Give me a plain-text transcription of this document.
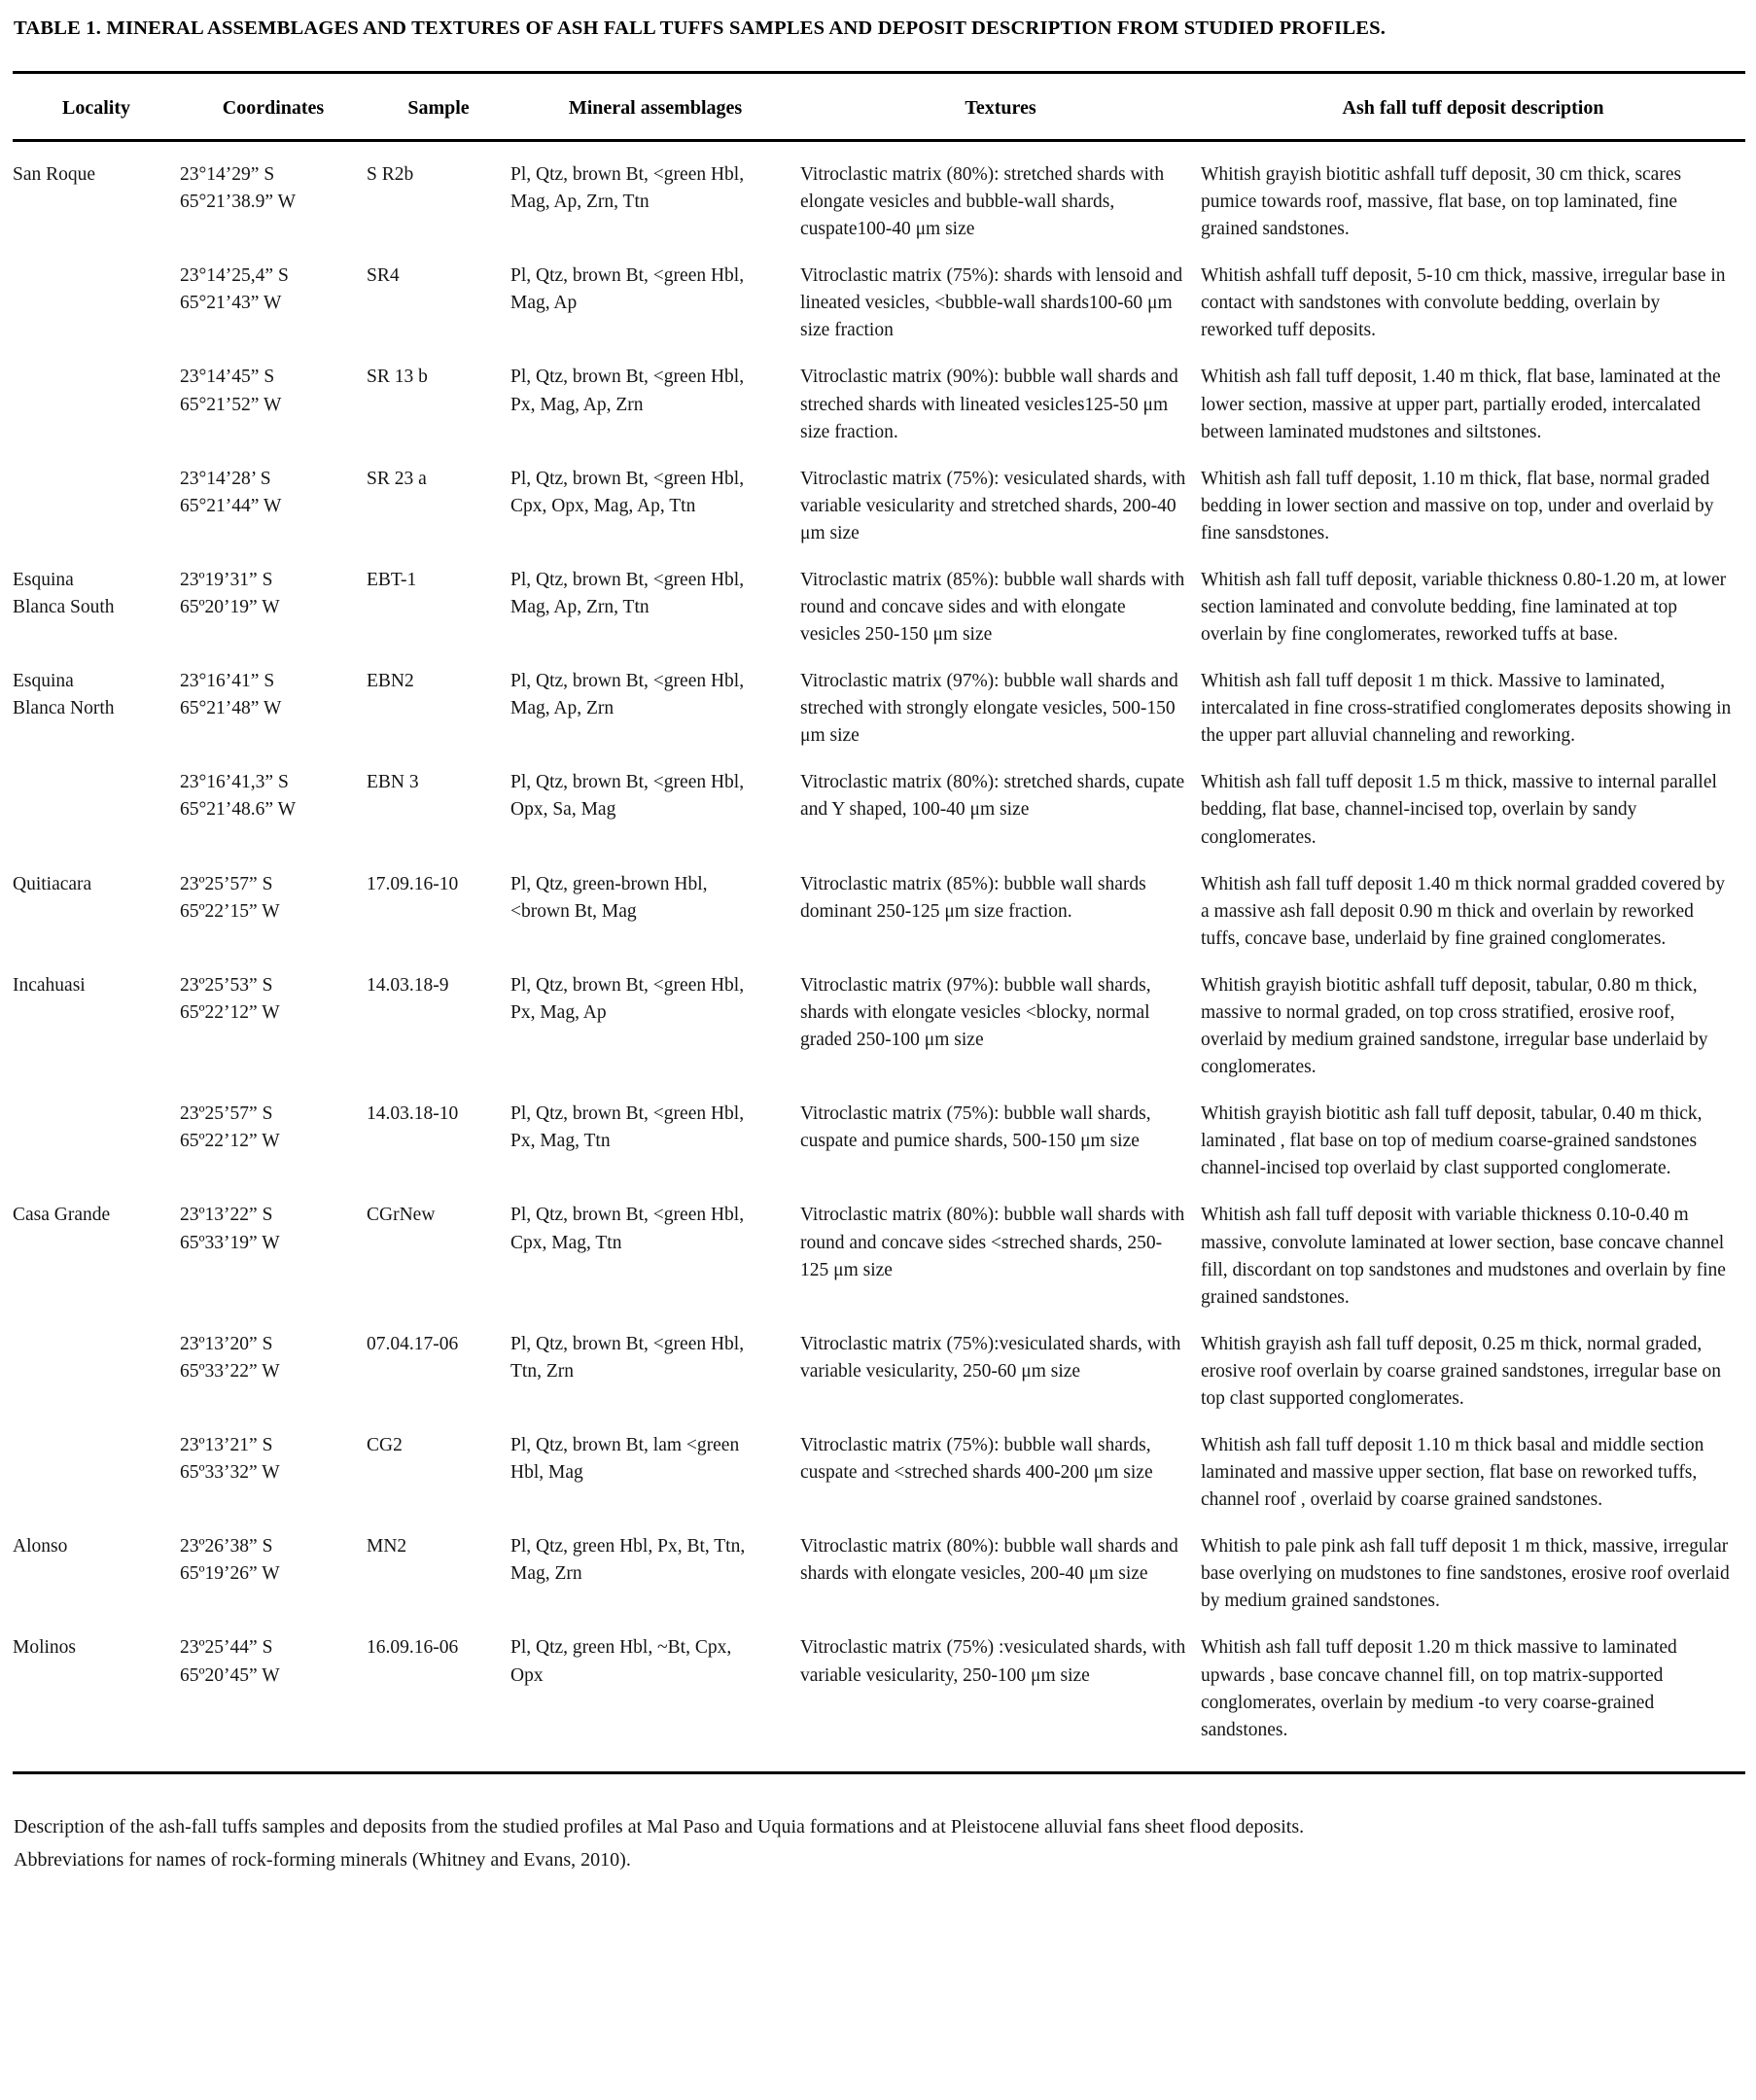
TABLE 1. MINERAL ASSEMBLAGES AND TEXTURES OF ASH FALL TUFFS SAMPLES AND DEPOSIT DESCRIPTION FROM STUDIED PROFILES.
Locality	Coordinates	Sample	Mineral assemblages	Textures	Ash fall tuff deposit description
San Roque	23°14’29” S
65°21’38.9” W	S R2b	Pl, Qtz, brown Bt, <green Hbl, Mag, Ap, Zrn, Ttn	Vitroclastic matrix (80%): stretched shards with elongate vesicles and bubble-wall shards, cuspate100-40 μm size	Whitish grayish biotitic ashfall tuff deposit, 30 cm thick, scares pumice towards roof, massive, flat base, on top laminated, fine grained sandstones.

	23°14’25,4” S
65°21’43” W	SR4	Pl, Qtz, brown Bt, <green Hbl, Mag, Ap	Vitroclastic matrix (75%): shards with lensoid and lineated vesicles, <bubble-wall shards100-60 μm size fraction	Whitish ashfall tuff deposit, 5-10 cm thick, massive, irregular base in contact with sandstones with convolute bedding, overlain by reworked tuff deposits.

	23°14’45” S
65°21’52” W	SR 13 b	Pl, Qtz, brown Bt, <green Hbl, Px, Mag, Ap, Zrn	Vitroclastic matrix (90%): bubble wall shards and streched shards with lineated vesicles125-50 μm size fraction.	Whitish ash fall tuff deposit, 1.40 m thick, flat base, laminated at the lower section, massive at upper part, partially eroded, intercalated between laminated mudstones and siltstones.

	23°14’28’ S
65°21’44” W	SR 23 a	Pl, Qtz, brown Bt, <green Hbl, Cpx, Opx, Mag, Ap, Ttn	Vitroclastic matrix (75%): vesiculated shards, with variable vesicularity and stretched shards, 200-40 μm size	Whitish ash fall tuff deposit, 1.10 m thick, flat base, normal graded bedding in lower section and massive on top, under and overlaid by fine sansdstones.
Esquina Blanca South	23º19’31” S
65º20’19” W	EBT-1	Pl, Qtz, brown Bt, <green Hbl, Mag, Ap, Zrn, Ttn	Vitroclastic matrix (85%): bubble wall shards with round and concave sides and with elongate vesicles 250-150 μm size	Whitish ash fall tuff deposit, variable thickness 0.80-1.20 m, at lower section laminated and convolute bedding, fine laminated at top overlain by fine conglomerates, reworked tuffs at base.
Esquina Blanca North	23°16’41” S
65°21’48” W	EBN2	Pl, Qtz, brown Bt, <green Hbl, Mag, Ap, Zrn	Vitroclastic matrix (97%): bubble wall shards and streched with strongly elongate vesicles, 500-150 μm size	Whitish ash fall tuff deposit 1 m thick. Massive to laminated, intercalated in fine cross-stratified conglomerates deposits showing in the upper part alluvial channeling and reworking.

	23°16’41,3” S
65°21’48.6” W	EBN 3	Pl, Qtz, brown Bt, <green Hbl, Opx, Sa, Mag	Vitroclastic matrix (80%): stretched shards, cupate and Y shaped, 100-40 μm size	Whitish ash fall tuff deposit 1.5 m thick, massive to internal parallel bedding, flat base, channel-incised top, overlain by sandy conglomerates.
Quitiacara	23º25’57” S
65º22’15” W	17.09.16-10	Pl, Qtz, green-brown Hbl, <brown Bt, Mag	Vitroclastic matrix (85%): bubble wall shards dominant 250-125 μm size fraction.	Whitish ash fall tuff deposit 1.40 m thick normal gradded covered by a massive ash fall deposit 0.90 m thick and overlain by reworked tuffs, concave base, underlaid by fine grained conglomerates.
Incahuasi	23º25’53” S
65º22’12” W	14.03.18-9	Pl, Qtz, brown Bt, <green Hbl, Px, Mag, Ap	Vitroclastic matrix (97%): bubble wall shards, shards with elongate vesicles <blocky, normal graded 250-100 μm size	Whitish grayish biotitic ashfall tuff deposit, tabular, 0.80 m thick, massive to normal graded, on top cross stratified, erosive roof, overlaid by medium grained sandstone, irregular base underlaid by conglomerates.

	23º25’57” S
65º22’12” W	14.03.18-10	Pl, Qtz, brown Bt, <green Hbl, Px, Mag, Ttn	Vitroclastic matrix (75%): bubble wall shards, cuspate and pumice shards, 500-150 μm size	Whitish grayish biotitic ash fall tuff deposit, tabular, 0.40 m thick, laminated , flat base on top of medium coarse-grained sandstones channel-incised top overlaid by clast supported conglomerate.
Casa Grande	23º13’22” S
65º33’19” W	CGrNew	Pl, Qtz, brown Bt, <green Hbl, Cpx, Mag, Ttn	Vitroclastic matrix (80%): bubble wall shards with round and concave sides <streched shards, 250-125 μm size	Whitish ash fall tuff deposit with variable thickness 0.10-0.40 m massive, convolute laminated at lower section, base concave channel fill, discordant on top sandstones and mudstones and overlain by fine grained sandstones.

	23º13’20” S
65º33’22” W	07.04.17-06	Pl, Qtz, brown Bt, <green Hbl, Ttn, Zrn	Vitroclastic matrix (75%):vesiculated shards, with variable vesicularity, 250-60 μm size	Whitish grayish ash fall tuff deposit, 0.25 m thick, normal graded, erosive roof overlain by coarse grained sandstones, irregular base on top clast supported conglomerates.

	23º13’21” S
65º33’32” W	CG2	Pl, Qtz, brown Bt, lam <green Hbl, Mag	Vitroclastic matrix (75%): bubble wall shards, cuspate and <streched shards 400-200 μm size	Whitish ash fall tuff deposit 1.10 m thick basal and middle section laminated and massive upper section, flat base on reworked tuffs, channel roof , overlaid by coarse grained sandstones.
Alonso	23º26’38” S
65º19’26” W	MN2	Pl, Qtz, green Hbl, Px, Bt, Ttn, Mag, Zrn	Vitroclastic matrix (80%): bubble wall shards and shards with elongate vesicles, 200-40 μm size	Whitish to pale pink ash fall tuff deposit 1 m thick, massive, irregular base overlying on mudstones to fine sandstones, erosive roof overlaid by medium grained sandstones.
Molinos	23º25’44” S
65º20’45” W	16.09.16-06	Pl, Qtz, green Hbl, ~Bt, Cpx, Opx	Vitroclastic matrix (75%) :vesiculated shards, with variable vesicularity, 250-100 μm size	Whitish ash fall tuff deposit 1.20 m thick massive to laminated upwards , base concave channel fill, on top matrix-supported conglomerates, overlain by medium -to very coarse-grained sandstones.
Description of the ash-fall tuffs samples and deposits from the studied profiles at Mal Paso and Uquia formations and at Pleistocene alluvial fans sheet flood deposits.
Abbreviations for names of rock-forming minerals (Whitney and Evans, 2010).
